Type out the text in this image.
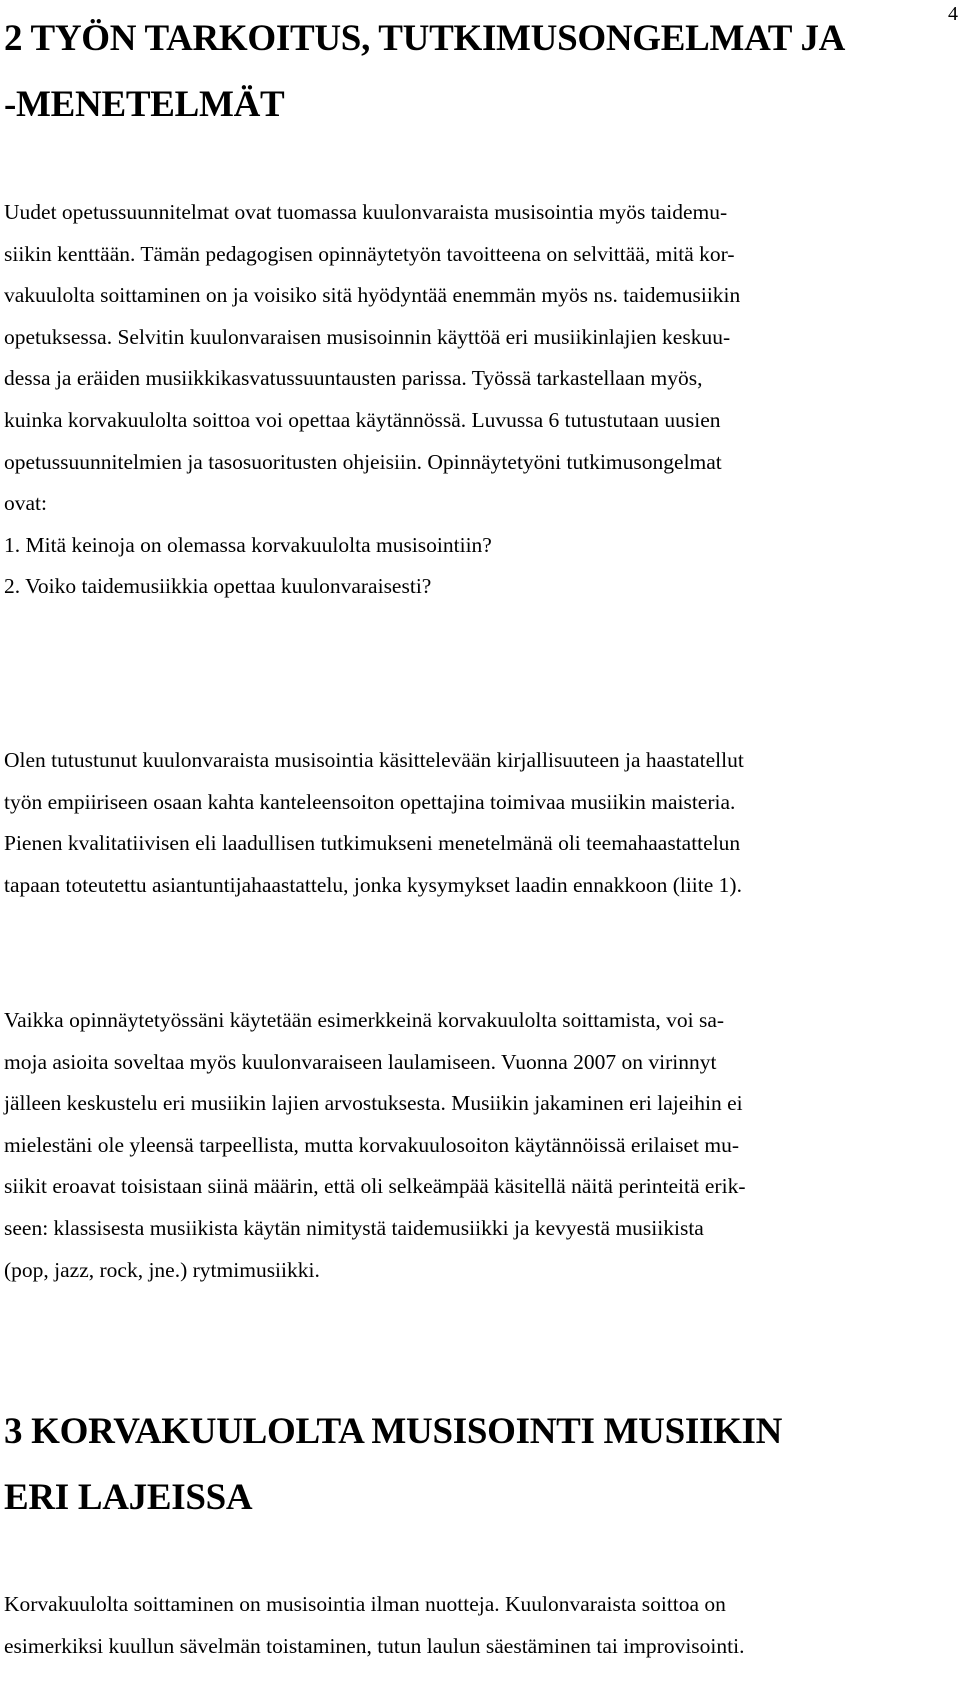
4
2 TYÖN TARKOITUS, TUTKIMUSONGELMAT JA
-MENETELMÄT

Uudet opetussuunnitelmat ovat tuomassa kuulonvaraista musisointia myös taidemu-
siikin kenttään. Tämän pedagogisen opinnäytetyön tavoitteena on selvittää, mitä kor-
vakuulolta soittaminen on ja voisiko sitä hyödyntää enemmän myös ns. taidemusiikin
opetuksessa. Selvitin kuulonvaraisen musisoinnin käyttöä eri musiikinlajien keskuu-
dessa ja eräiden musiikkikasvatussuuntausten parissa. Työssä tarkastellaan myös,
kuinka korvakuulolta soittoa voi opettaa käytännössä. Luvussa 6 tutustutaan uusien
opetussuunnitelmien ja tasosuoritusten ohjeisiin. Opinnäytetyöni tutkimusongelmat
ovat:
1. Mitä keinoja on olemassa korvakuulolta musisointiin?
2. Voiko taidemusiikkia opettaa kuulonvaraisesti?

Olen tutustunut kuulonvaraista musisointia käsittelevään kirjallisuuteen ja haastatellut
työn empiiriseen osaan kahta kanteleensoiton opettajina toimivaa musiikin maisteria.
Pienen kvalitatiivisen eli laadullisen tutkimukseni menetelmänä oli teemahaastattelun
tapaan toteutettu asiantuntijahaastattelu, jonka kysymykset laadin ennakkoon (liite 1).

Vaikka opinnäytetyössäni käytetään esimerkkeinä korvakuulolta soittamista, voi sa-
moja asioita soveltaa myös kuulonvaraiseen laulamiseen. Vuonna 2007 on virinnyt
jälleen keskustelu eri musiikin lajien arvostuksesta. Musiikin jakaminen eri lajeihin ei
mielestäni ole yleensä tarpeellista, mutta korvakuulosoiton käytännöissä erilaiset mu-
siikit eroavat toisistaan siinä määrin, että oli selkeämpää käsitellä näitä perinteitä erik-
seen: klassisesta musiikista käytän nimitystä taidemusiikki ja kevyestä musiikista
(pop, jazz, rock, jne.) rytmimusiikki.

3 KORVAKUULOLTA MUSISOINTI MUSIIKIN
ERI LAJEISSA

Korvakuulolta soittaminen on musisointia ilman nuotteja. Kuulonvaraista soittoa on
esimerkiksi kuullun sävelmän toistaminen, tutun laulun säestäminen tai improvisointi.
